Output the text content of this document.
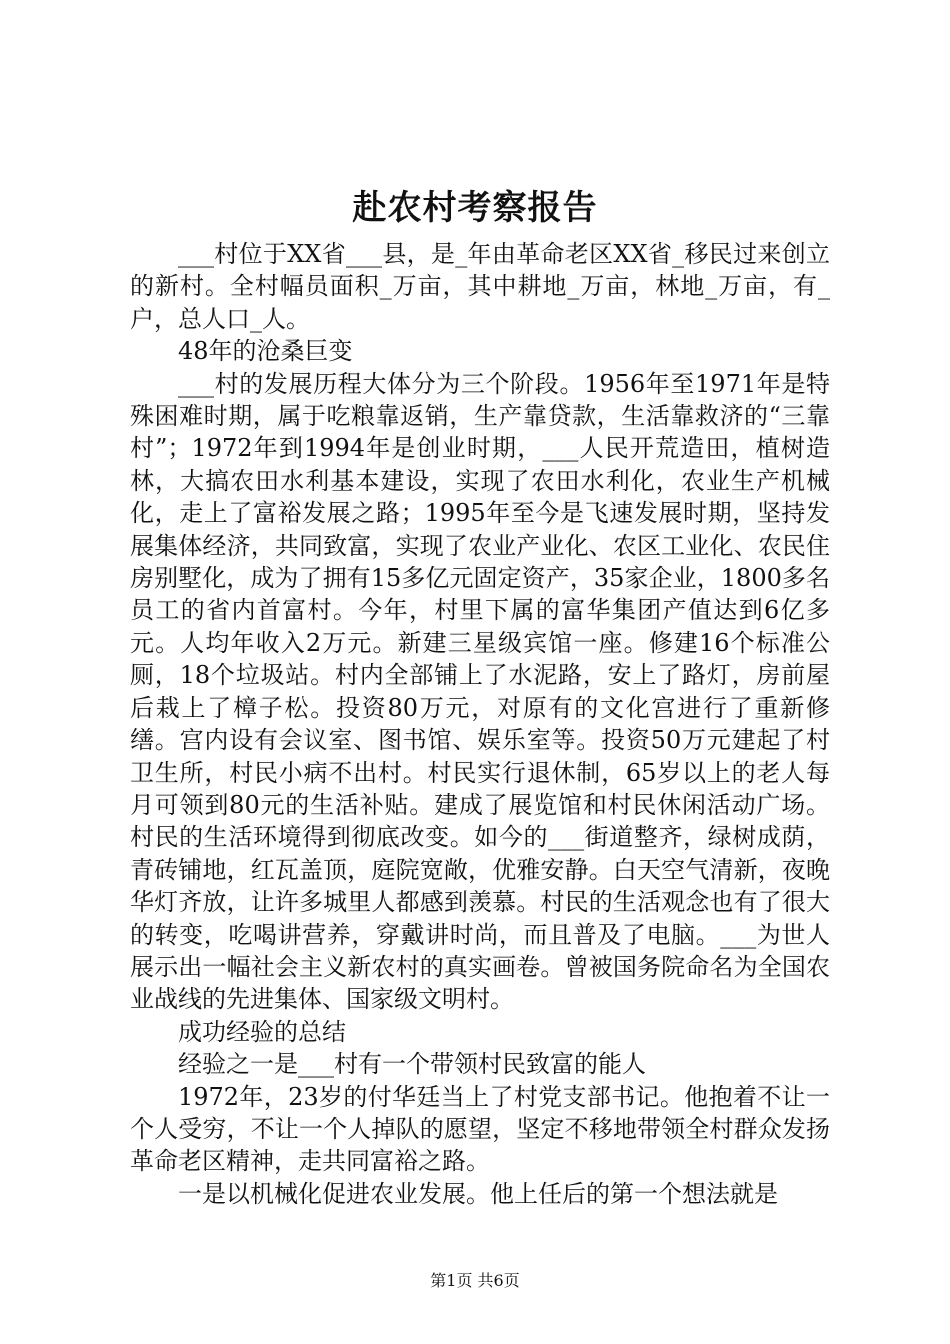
赴农村考察报告

___村位于XX省___县，是_年由革命老区XX省_移民过来创立的新村。全村幅员面积_万亩，其中耕地_万亩，林地_万亩，有_户，总人口_人。

48年的沧桑巨变

___村的发展历程大体分为三个阶段。1956年至1971年是特殊困难时期，属于吃粮靠返销，生产靠贷款，生活靠救济的“三靠村”；1972年到1994年是创业时期，___人民开荒造田，植树造林，大搞农田水利基本建设，实现了农田水利化，农业生产机械化，走上了富裕发展之路；1995年至今是飞速发展时期，坚持发展集体经济，共同致富，实现了农业产业化、农区工业化、农民住房别墅化，成为了拥有15多亿元固定资产，35家企业，1800多名员工的省内首富村。今年，村里下属的富华集团产值达到6亿多元。人均年收入2万元。新建三星级宾馆一座。修建16个标准公厕，18个垃圾站。村内全部铺上了水泥路，安上了路灯，房前屋后栽上了樟子松。投资80万元，对原有的文化宫进行了重新修缮。宫内设有会议室、图书馆、娱乐室等。投资50万元建起了村卫生所，村民小病不出村。村民实行退休制，65岁以上的老人每月可领到80元的生活补贴。建成了展览馆和村民休闲活动广场。村民的生活环境得到彻底改变。如今的___街道整齐，绿树成荫，青砖铺地，红瓦盖顶，庭院宽敞，优雅安静。白天空气清新，夜晚华灯齐放，让许多城里人都感到羡慕。村民的生活观念也有了很大的转变，吃喝讲营养，穿戴讲时尚，而且普及了电脑。___为世人展示出一幅社会主义新农村的真实画卷。曾被国务院命名为全国农业战线的先进集体、国家级文明村。

成功经验的总结

经验之一是___村有一个带领村民致富的能人

1972年，23岁的付华廷当上了村党支部书记。他抱着不让一个人受穷，不让一个人掉队的愿望，坚定不移地带领全村群众发扬革命老区精神，走共同富裕之路。

一是以机械化促进农业发展。他上任后的第一个想法就是

第1页 共6页
